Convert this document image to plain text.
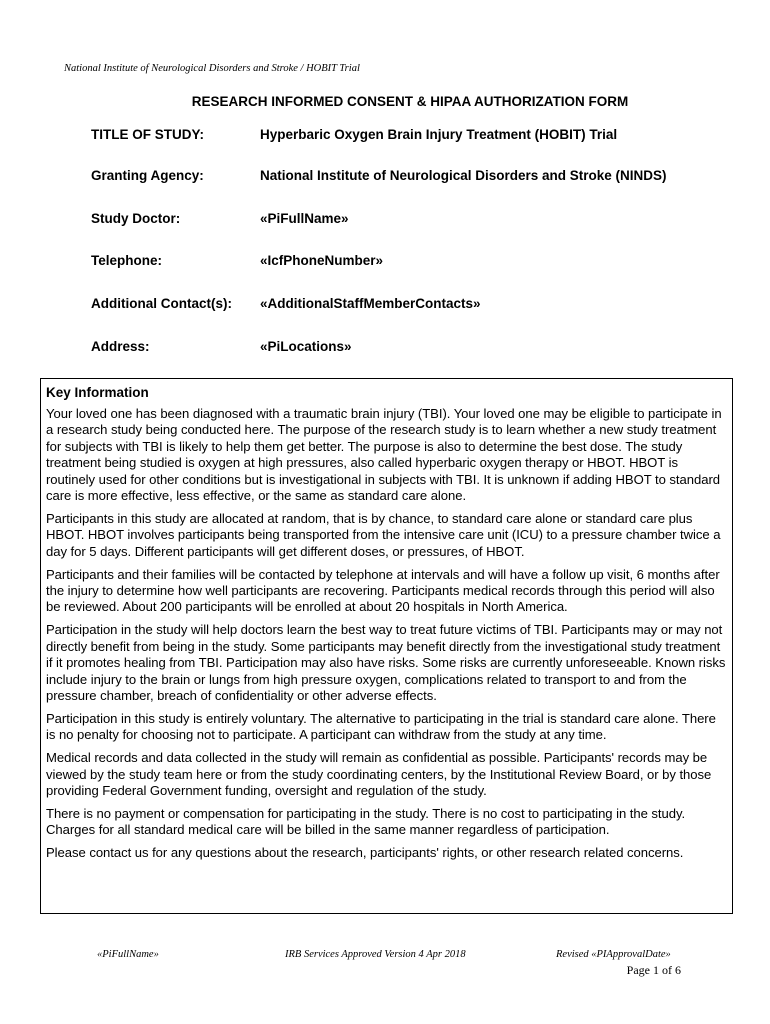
National Institute of Neurological Disorders and Stroke / HOBIT Trial
RESEARCH INFORMED CONSENT & HIPAA AUTHORIZATION FORM
TITLE OF STUDY:	Hyperbaric Oxygen Brain Injury Treatment (HOBIT) Trial
Granting Agency:	National Institute of Neurological Disorders and Stroke (NINDS)
Study Doctor:	«PiFullName»
Telephone:	«IcfPhoneNumber»
Additional Contact(s): «AdditionalStaffMemberContacts»
Address:	«PiLocations»
Key Information

Your loved one has been diagnosed with a traumatic brain injury (TBI). Your loved one may be eligible to participate in a research study being conducted here. The purpose of the research study is to learn whether a new study treatment for subjects with TBI is likely to help them get better. The purpose is also to determine the best dose. The study treatment being studied is oxygen at high pressures, also called hyperbaric oxygen therapy or HBOT. HBOT is routinely used for other conditions but is investigational in subjects with TBI. It is unknown if adding HBOT to standard care is more effective, less effective, or the same as standard care alone.

Participants in this study are allocated at random, that is by chance, to standard care alone or standard care plus HBOT. HBOT involves participants being transported from the intensive care unit (ICU) to a pressure chamber twice a day for 5 days. Different participants will get different doses, or pressures, of HBOT.

Participants and their families will be contacted by telephone at intervals and will have a follow up visit, 6 months after the injury to determine how well participants are recovering. Participants medical records through this period will also be reviewed. About 200 participants will be enrolled at about 20 hospitals in North America.

Participation in the study will help doctors learn the best way to treat future victims of TBI. Participants may or may not directly benefit from being in the study. Some participants may benefit directly from the investigational study treatment if it promotes healing from TBI. Participation may also have risks. Some risks are currently unforeseeable. Known risks include injury to the brain or lungs from high pressure oxygen, complications related to transport to and from the pressure chamber, breach of confidentiality or other adverse effects.

Participation in this study is entirely voluntary. The alternative to participating in the trial is standard care alone. There is no penalty for choosing not to participate. A participant can withdraw from the study at any time.

Medical records and data collected in the study will remain as confidential as possible. Participants' records may be viewed by the study team here or from the study coordinating centers, by the Institutional Review Board, or by those providing Federal Government funding, oversight and regulation of the study.

There is no payment or compensation for participating in the study. There is no cost to participating in the study. Charges for all standard medical care will be billed in the same manner regardless of participation.

Please contact us for any questions about the research, participants' rights, or other research related concerns.

«PiFullName»	IRB Services Approved Version 4 Apr 2018	Revised «PIApprovalDate»
Page 1 of 6
